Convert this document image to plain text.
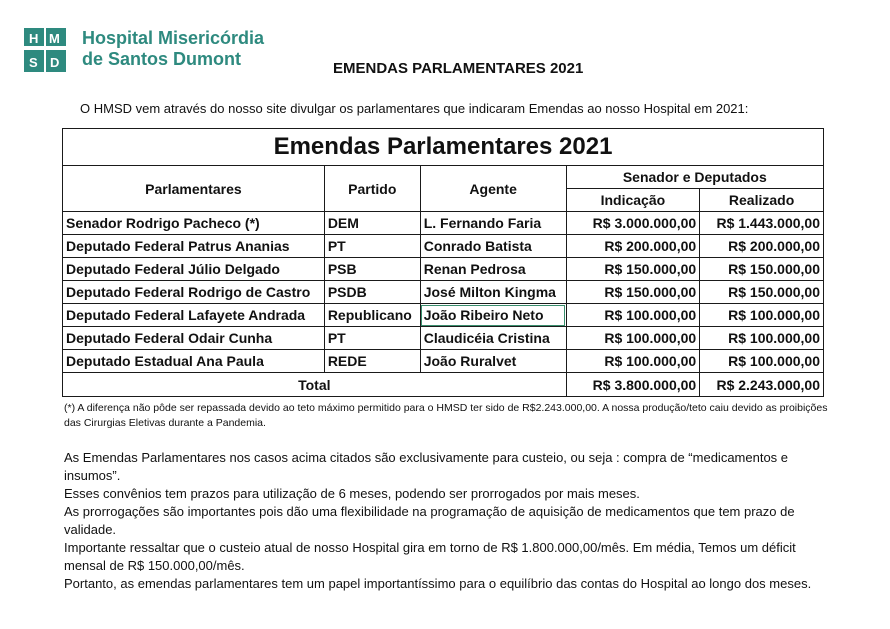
H M
S D
Hospital Misericórdia
de Santos Dumont	EMENDAS PARLAMENTARES 2021
O HMSD vem através do nosso site divulgar os parlamentares que indicaram Emendas ao nosso Hospital em 2021:
Emendas Parlamentares 2021				
Parlamentares	Partido	Agente	Senador e Deputados	
			Indicação	Realizado
Senador Rodrigo Pacheco (*)	DEM	L. Fernando Faria	R$ 3.000.000,00	R$ 1.443.000,00
Deputado Federal Patrus Ananias	PT	Conrado Batista	R$ 200.000,00	R$ 200.000,00
Deputado Federal Júlio Delgado	PSB	Renan Pedrosa	R$ 150.000,00	R$ 150.000,00
Deputado Federal Rodrigo de Castro	PSDB	José Milton Kingma	R$ 150.000,00	R$ 150.000,00
Deputado Federal Lafayete Andrada	Republicano	João Ribeiro Neto	R$ 100.000,00	R$ 100.000,00
Deputado Federal Odair Cunha	PT	Claudicéia Cristina	R$ 100.000,00	R$ 100.000,00
Deputado Estadual Ana Paula	REDE	João Ruralvet	R$ 100.000,00	R$ 100.000,00
Total			R$ 3.800.000,00	R$ 2.243.000,00
(*) A diferença não pôde ser repassada devido ao teto máximo permitido para o HMSD ter sido de R$2.243.000,00. A nossa produção/teto caiu devido as proibições das Cirurgias Eletivas durante a Pandemia.

As Emendas Parlamentares nos casos acima citados são exclusivamente para custeio, ou seja : compra de “medicamentos e insumos”.

Esses convênios tem prazos para utilização de 6 meses, podendo ser prorrogados por mais meses.

As prorrogações são importantes pois dão uma flexibilidade na programação de aquisição de medicamentos que tem prazo de validade.

Importante ressaltar que o custeio atual de nosso Hospital gira em torno de R$ 1.800.000,00/mês. Em média, Temos um déficit mensal de R$ 150.000,00/mês.

Portanto, as emendas parlamentares tem um papel importantíssimo para o equilíbrio das contas do Hospital ao longo dos meses.
